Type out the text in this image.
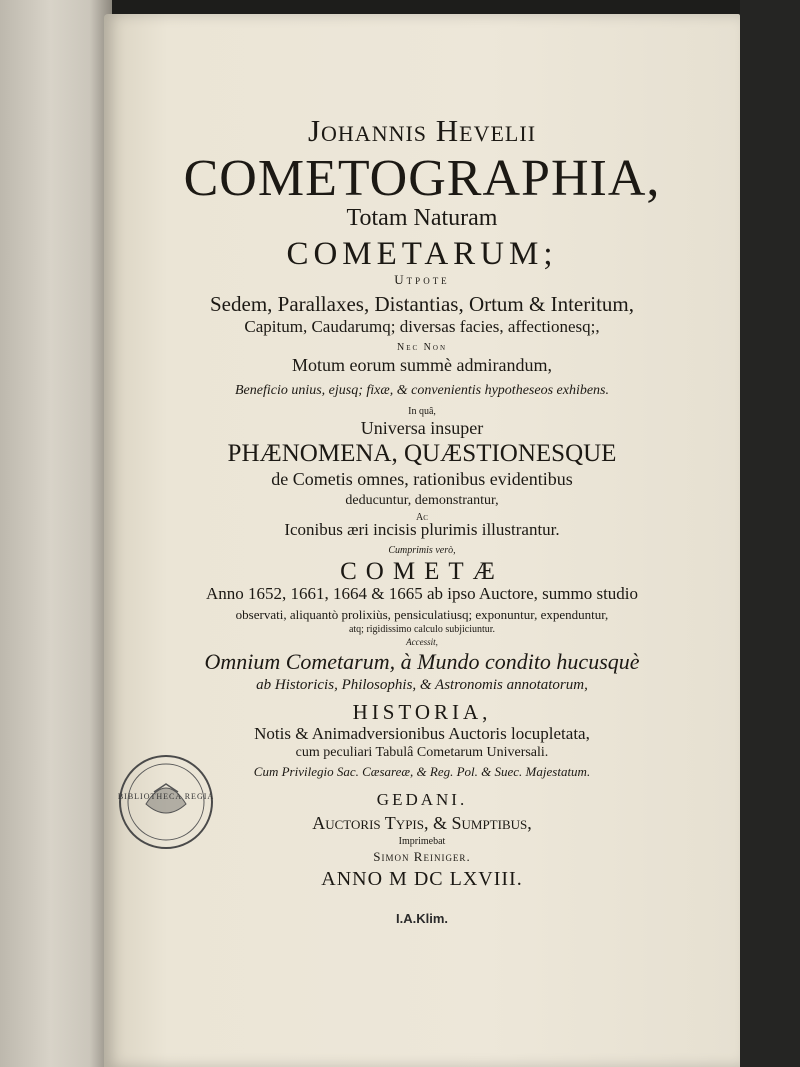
Johannis Hevelii
COMETOGRAPHIA,
Totam Naturam
COMETARUM;
Utpote
Sedem, Parallaxes, Distantias, Ortum & Interitum,
Capitum, Caudarumq; diversas facies, affectionesq;,
Nec Non
Motum eorum summè admirandum,
Beneficio unius, ejusq; fixæ, & convenientis hypotheseos exhibens.
In quâ,
Universa insuper
PHÆNOMENA, QUÆSTIONESQUE
de Cometis omnes, rationibus evidentibus
deducuntur, demonstrantur,
Ac
Iconibus æri incisis plurimis illustrantur.
Cumprimis verò,
COMETÆ
Anno 1652, 1661, 1664 & 1665 ab ipso Auctore, summo studio
observati, aliquantò prolixiùs, pensiculatiusq; exponuntur, expenduntur,
atq; rigidissimo calculo subjiciuntur.
Accessit,
Omnium Cometarum, à Mundo condito hucusquè
ab Historicis, Philosophis, & Astronomis annotatorum,
HISTORIA,
Notis & Animadversionibus Auctoris locupletata,
cum peculiari Tabulâ Cometarum Universali.
Cum Privilegio Sac. Cæsareæ, & Reg. Pol. & Suec. Majestatum.
GEDANI.
Auctoris Typis, & Sumptibus,
Imprimebat
Simon Reiniger.
ANNO M DC LXVIII.
I.A.Klim.
BIBLIOTHECA REGIA
